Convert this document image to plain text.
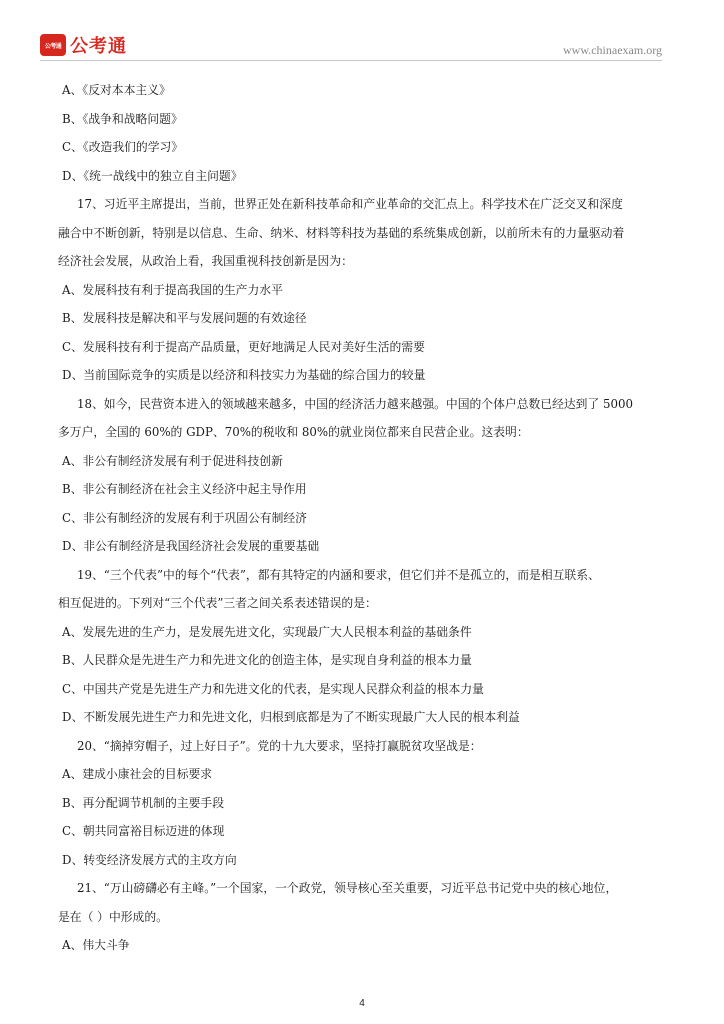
公考通 公考通	www.chinaexam.org

A、《反对本本主义》

B、《战争和战略问题》

C、《改造我们的学习》

D、《统一战线中的独立自主问题》

17、习近平主席提出，当前，世界正处在新科技革命和产业革命的交汇点上。科学技术在广泛交叉和深度

融合中不断创新，特别是以信息、生命、纳米、材料等科技为基础的系统集成创新，以前所未有的力量驱动着

经济社会发展，从政治上看，我国重视科技创新是因为：

A、发展科技有利于提高我国的生产力水平

B、发展科技是解决和平与发展问题的有效途径

C、发展科技有利于提高产品质量，更好地满足人民对美好生活的需要

D、当前国际竞争的实质是以经济和科技实力为基础的综合国力的较量

18、如今，民营资本进入的领域越来越多，中国的经济活力越来越强。中国的个体户总数已经达到了 5000

多万户，全国的 60%的 GDP、70%的税收和 80%的就业岗位都来自民营企业。这表明：

A、非公有制经济发展有利于促进科技创新

B、非公有制经济在社会主义经济中起主导作用

C、非公有制经济的发展有利于巩固公有制经济

D、非公有制经济是我国经济社会发展的重要基础

19、“三个代表”中的每个“代表”，都有其特定的内涵和要求，但它们并不是孤立的，而是相互联系、

相互促进的。下列对“三个代表”三者之间关系表述错误的是：

A、发展先进的生产力，是发展先进文化，实现最广大人民根本利益的基础条件

B、人民群众是先进生产力和先进文化的创造主体，是实现自身利益的根本力量

C、中国共产党是先进生产力和先进文化的代表，是实现人民群众利益的根本力量

D、不断发展先进生产力和先进文化，归根到底都是为了不断实现最广大人民的根本利益

20、“摘掉穷帽子，过上好日子”。党的十九大要求，坚持打赢脱贫攻坚战是：

A、建成小康社会的目标要求

B、再分配调节机制的主要手段

C、朝共同富裕目标迈进的体现

D、转变经济发展方式的主攻方向

21、“万山磅礴必有主峰。”一个国家，一个政党，领导核心至关重要，习近平总书记党中央的核心地位，

是在（ ）中形成的。

A、伟大斗争

4
